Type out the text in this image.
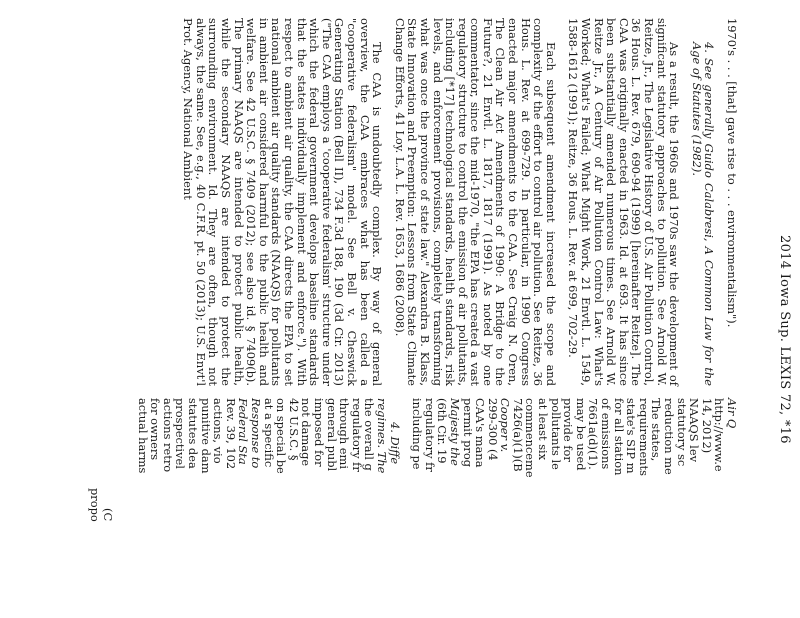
2014 Iowa Sup. LEXIS 72, *16

1970's . . . [that] gave rise to . . . environmentalism").

4. See generally Guido Calabresi, A Common Law for the Age of Statutes (1982).

As a result, the 1960s and 1970s saw the development of significant statutory approaches to pollution. See Arnold W. Reitze, Jr., The Legislative History of U.S. Air Pollution Control, 36 Hous. L. Rev. 679, 690-94 (1999) [hereinafter Reitze]. The CAA was originally enacted in 1963. Id. at 693. It has since been substantially amended numerous times. See Arnold W. Reitze Jr., A Century of Air Pollution Control Law: What's Worked; What's Failed; What Might Work, 21 Envtl. L. 1549, 1588-1612 (1991); Reitze, 36 Hous. L. Rev. at 699, 702-29.

Each subsequent amendment increased the scope and complexity of the effort to control air pollution. See Reitze, 36 Hous. L. Rev. at 699-729. In particular, in 1990 Congress enacted major amendments to the CAA. See Craig N. Oren, The Clean Air Act Amendments of 1990: A Bridge to the Future?, 21 Envtl. L. 1817, 1817 (1991). As noted by one commentator, since the mid-1970, "the EPA has created a vast regulatory structure to control the emission of air pollutants, including [*17] technological standards, health standards, risk levels, and enforcement provisions, completely transforming what was once the province of state law." Alexandra B. Klass, State Innovation and Preemption: Lessons from State Climate Change Efforts, 41 Loy. L.A. L. Rev. 1653, 1686 (2008).

The CAA is undoubtedly complex. By way of general overview, the CAA embraces what has been called a "cooperative federalism" model. See Bell v. Cheswick Generating Station (Bell II), 734 F.3d 188, 190 (3d Cir. 2013) ("The CAA employs a 'cooperative federalism' structure under which the federal government develops baseline standards that the states individually implement and enforce."). With respect to ambient air quality, the CAA directs the EPA to set national ambient air quality standards (NAAQS) for pollutants in ambient air considered harmful to the public health and welfare. See 42 U.S.C. § 7409 (2012); see also id. § 7409(b). The primary NAAQS are intended to protect public health, while the secondary NAAQS are intended to protect the surrounding environment. Id. They are often, though not always, the same. See, e.g., 40 C.F.R. pt. 50 (2013); U.S. Envt'l Prot. Agency, National Ambient

Air Q
http://www.e
14, 2012)
NAAQS lev
statutory sc
reduction me
The states,
requirements
state's SIP m
for all station
of emissions
7661a(d)(1).
may be used
provide for
pollutants le
at least six
commenceme
7426(a)(1)(B
Cooper v.
299-300 (4
CAA's mana
permit prog
Majesty the
(6th Cir. 19
regulatory fr
including pe
4. Diffe
regimes. The
the overall g
regulatory fr
through emi
general publ
imposed for
not damage
42 U.S.C. §
on special be
at a specific
Response to
Federal Sta
Rev. 39, 102
actions, vio
punitive dam
statutes dea
prospectivel
actions retro
for owners
actual harms
(C
propo
